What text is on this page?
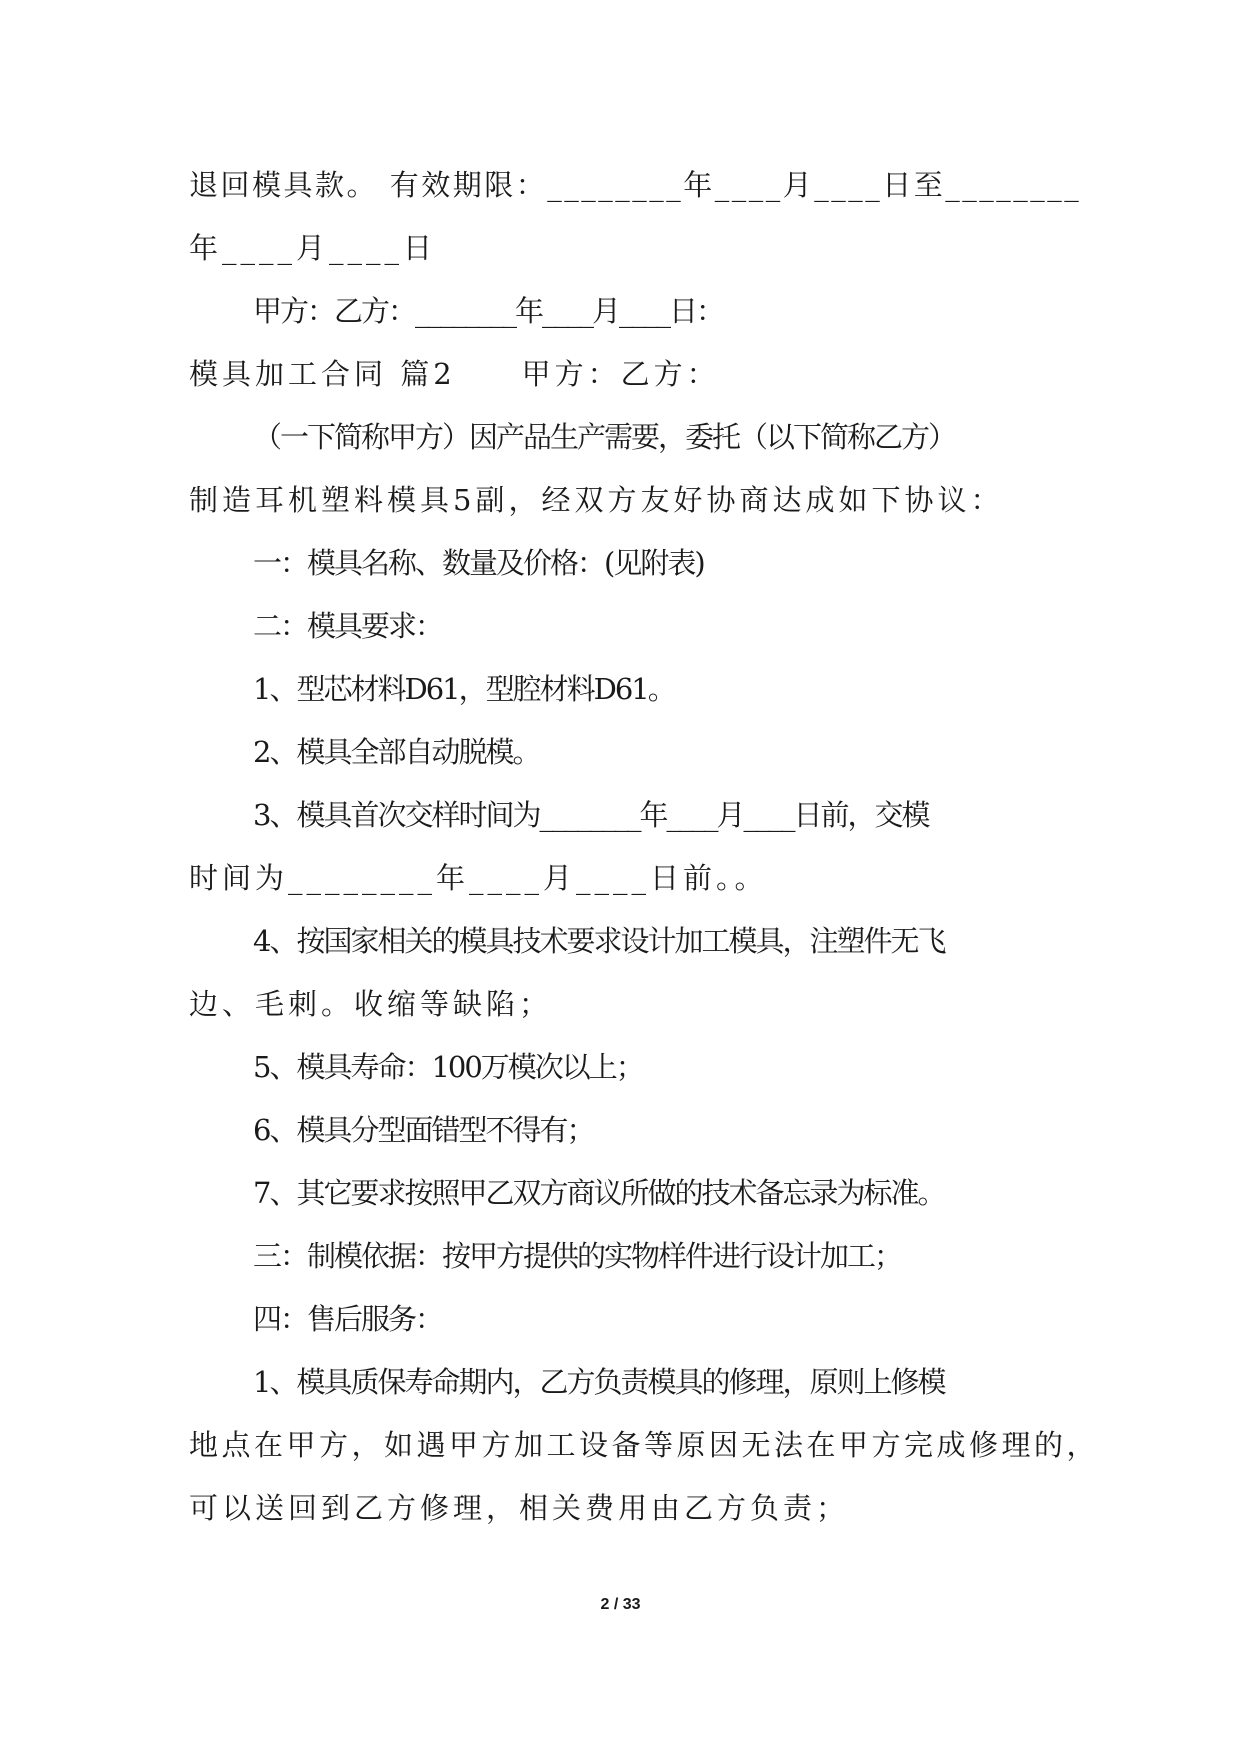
退回模具款。 有效期限：________年____月____日至________
年____月____日
甲方：乙方：________年____月____日：
模具加工合同 篇2　　甲方：乙方：
（一下简称甲方）因产品生产需要，委托（以下简称乙方）
制造耳机塑料模具5副，经双方友好协商达成如下协议：
一：模具名称、数量及价格：(见附表)
二：模具要求：
1、型芯材料D61，型腔材料D61。
2、模具全部自动脱模。
3、模具首次交样时间为________年____月____日前，交模
时间为________年____月____日前。。
4、按国家相关的模具技术要求设计加工模具，注塑件无飞
边、毛刺。收缩等缺陷；
5、模具寿命：100万模次以上；
6、模具分型面错型不得有；
7、其它要求按照甲乙双方商议所做的技术备忘录为标准。
三：制模依据：按甲方提供的实物样件进行设计加工；
四：售后服务：
1、模具质保寿命期内，乙方负责模具的修理，原则上修模
地点在甲方，如遇甲方加工设备等原因无法在甲方完成修理的，
可以送回到乙方修理，相关费用由乙方负责；
2 / 33
